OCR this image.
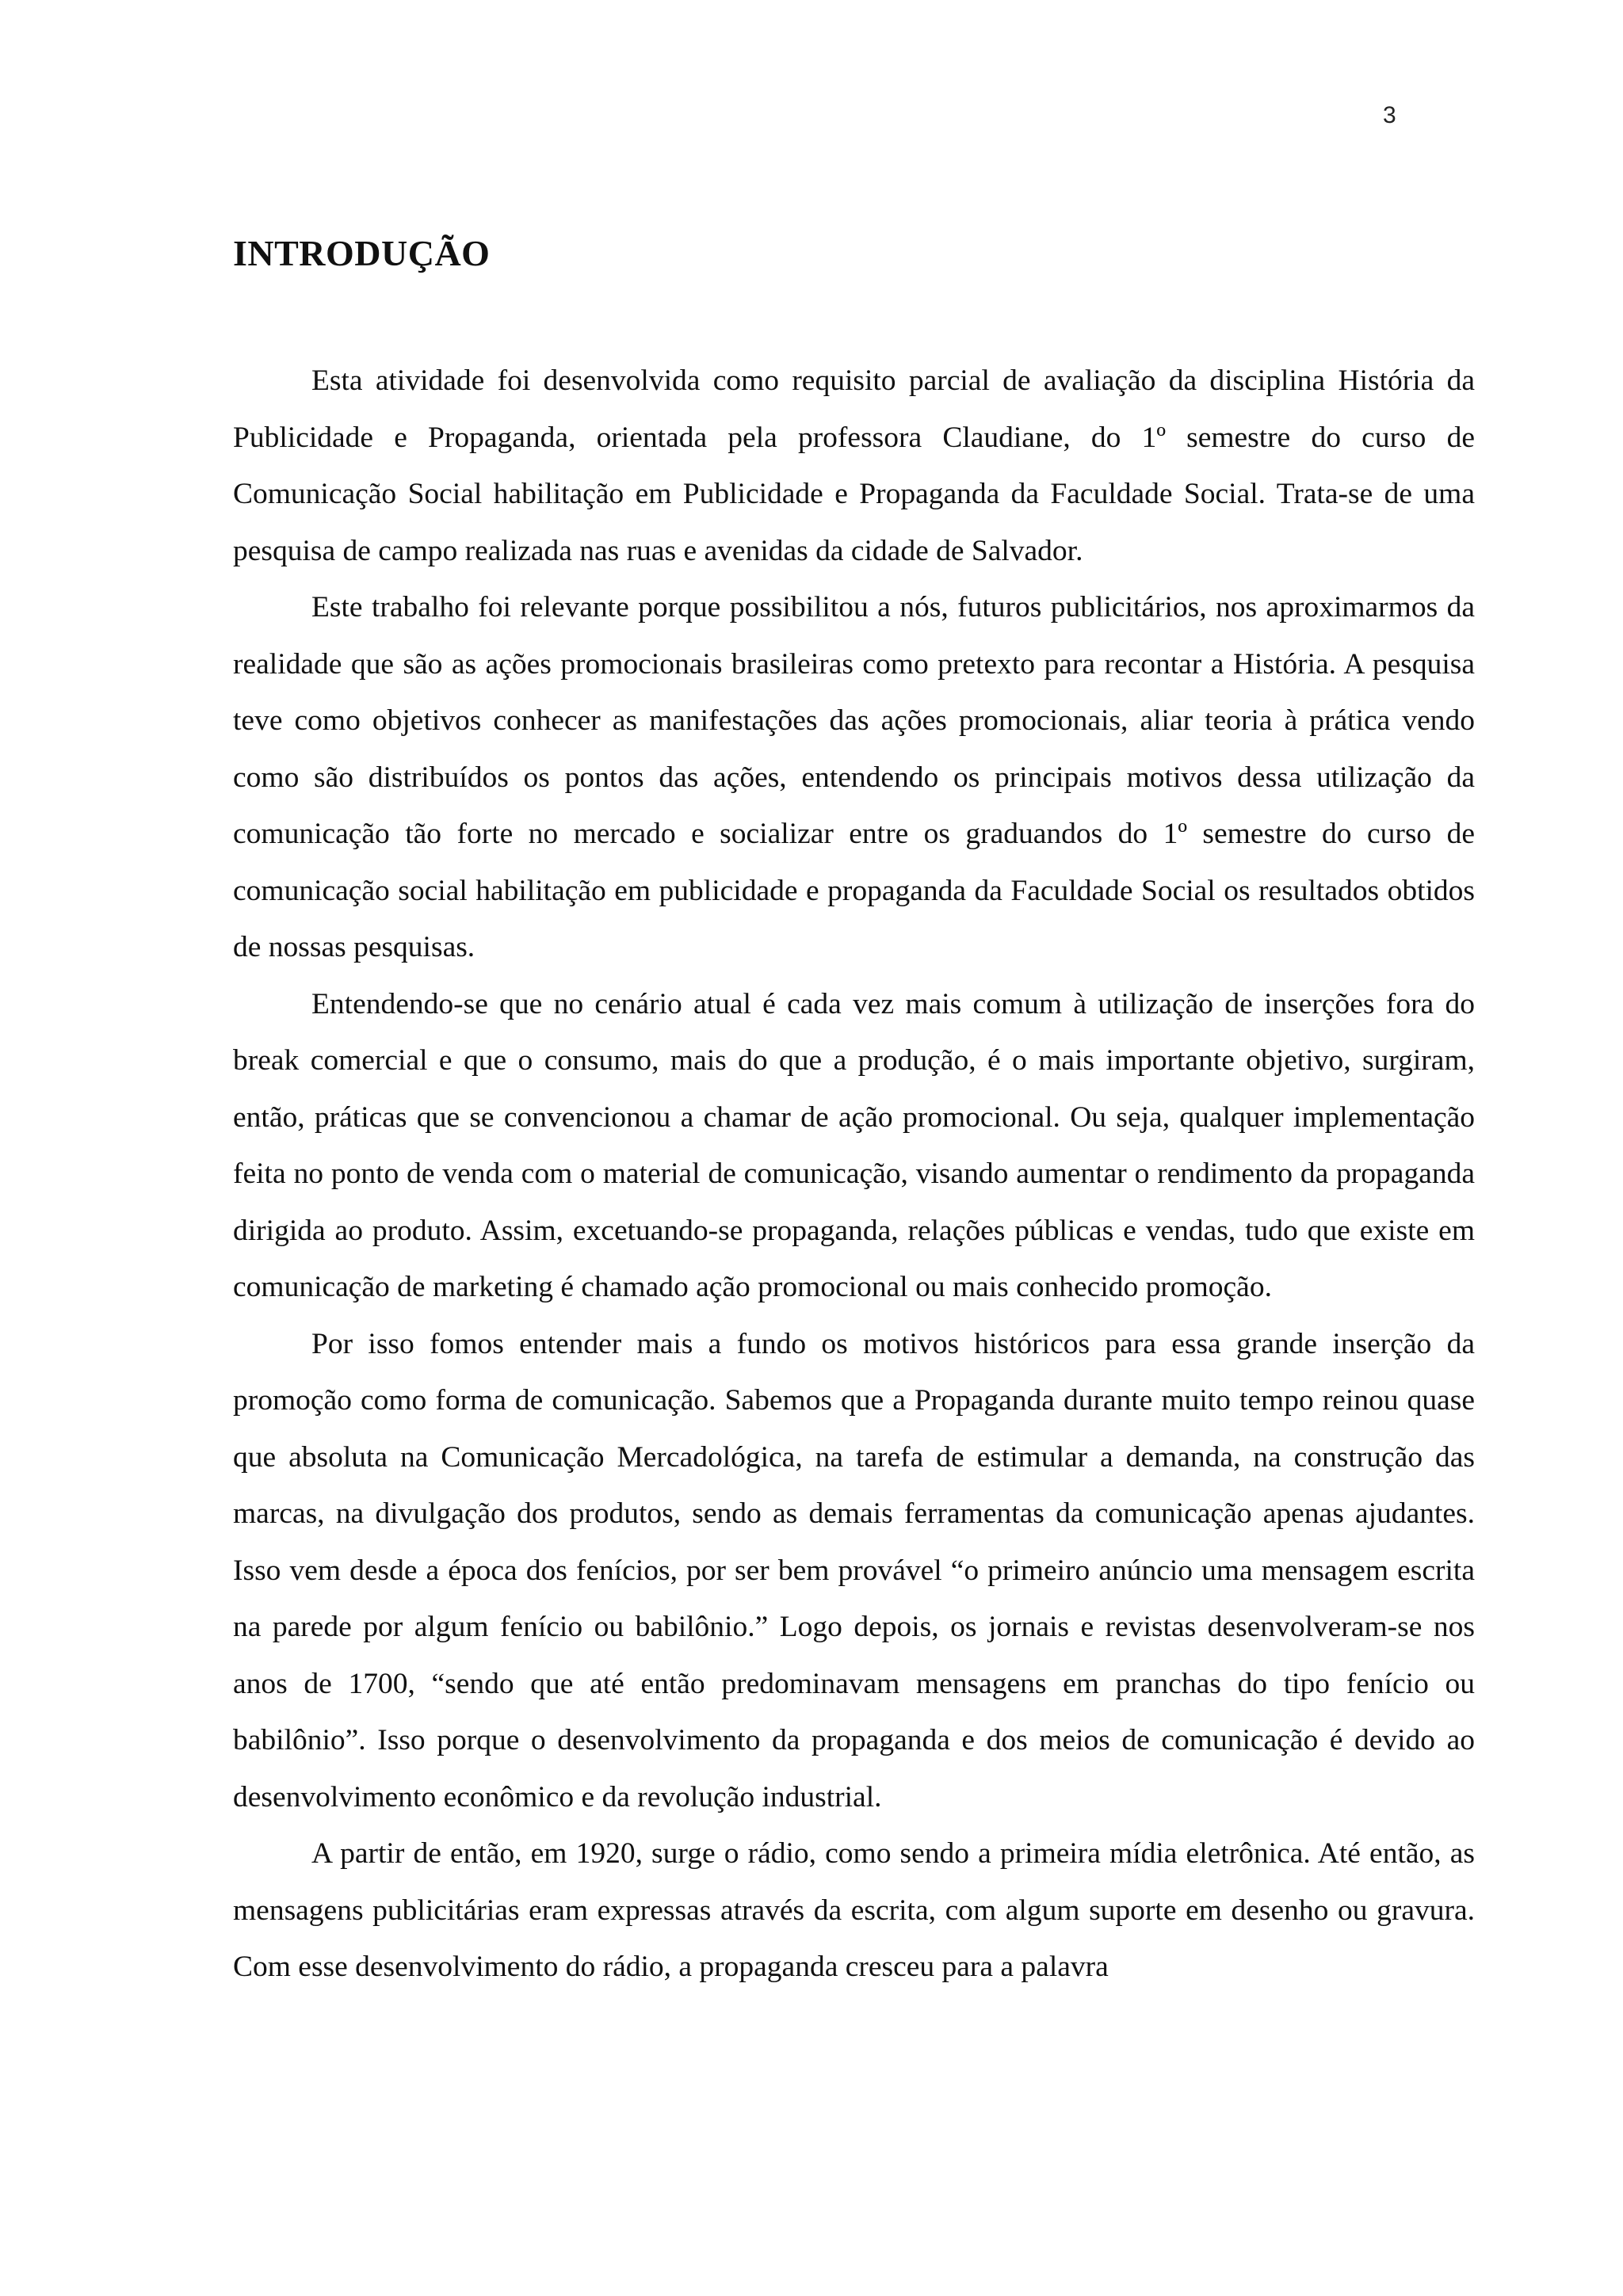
3
INTRODUÇÃO

Esta atividade foi desenvolvida como requisito parcial de avaliação da disciplina História da Publicidade e Propaganda, orientada pela professora Claudiane, do 1º semestre do curso de Comunicação Social habilitação em Publicidade e Propaganda da Faculdade Social. Trata-se de uma pesquisa de campo realizada nas ruas e avenidas da cidade de Salvador.

Este trabalho foi relevante porque possibilitou a nós, futuros publicitários, nos aproximarmos da realidade que são as ações promocionais brasileiras como pretexto para recontar a História. A pesquisa teve como objetivos conhecer as manifestações das ações promocionais, aliar teoria à prática vendo como são distribuídos os pontos das ações, entendendo os principais motivos dessa utilização da comunicação tão forte no mercado e socializar entre os graduandos do 1º semestre do curso de comunicação social habilitação em publicidade e propaganda da Faculdade Social os resultados obtidos de nossas pesquisas.

Entendendo-se que no cenário atual é cada vez mais comum à utilização de inserções fora do break comercial e que o consumo, mais do que a produção, é o mais importante objetivo, surgiram, então, práticas que se convencionou a chamar de ação promocional. Ou seja, qualquer implementação feita no ponto de venda com o material de comunicação, visando aumentar o rendimento da propaganda dirigida ao produto. Assim, excetuando-se propaganda, relações públicas e vendas, tudo que existe em comunicação de marketing é chamado ação promocional ou mais conhecido promoção.

Por isso fomos entender mais a fundo os motivos históricos para essa grande inserção da promoção como forma de comunicação. Sabemos que a Propaganda durante muito tempo reinou quase que absoluta na Comunicação Mercadológica, na tarefa de estimular a demanda, na construção das marcas, na divulgação dos produtos, sendo as demais ferramentas da comunicação apenas ajudantes. Isso vem desde a época dos fenícios, por ser bem provável “o primeiro anúncio uma mensagem escrita na parede por algum fenício ou babilônio.” Logo depois, os jornais e revistas desenvolveram-se nos anos de 1700, “sendo que até então predominavam mensagens em pranchas do tipo fenício ou babilônio”. Isso porque o desenvolvimento da propaganda e dos meios de comunicação é devido ao desenvolvimento econômico e da revolução industrial.

A partir de então, em 1920, surge o rádio, como sendo a primeira mídia eletrônica. Até então, as mensagens publicitárias eram expressas através da escrita, com algum suporte em desenho ou gravura. Com esse desenvolvimento do rádio, a propaganda cresceu para a palavra
